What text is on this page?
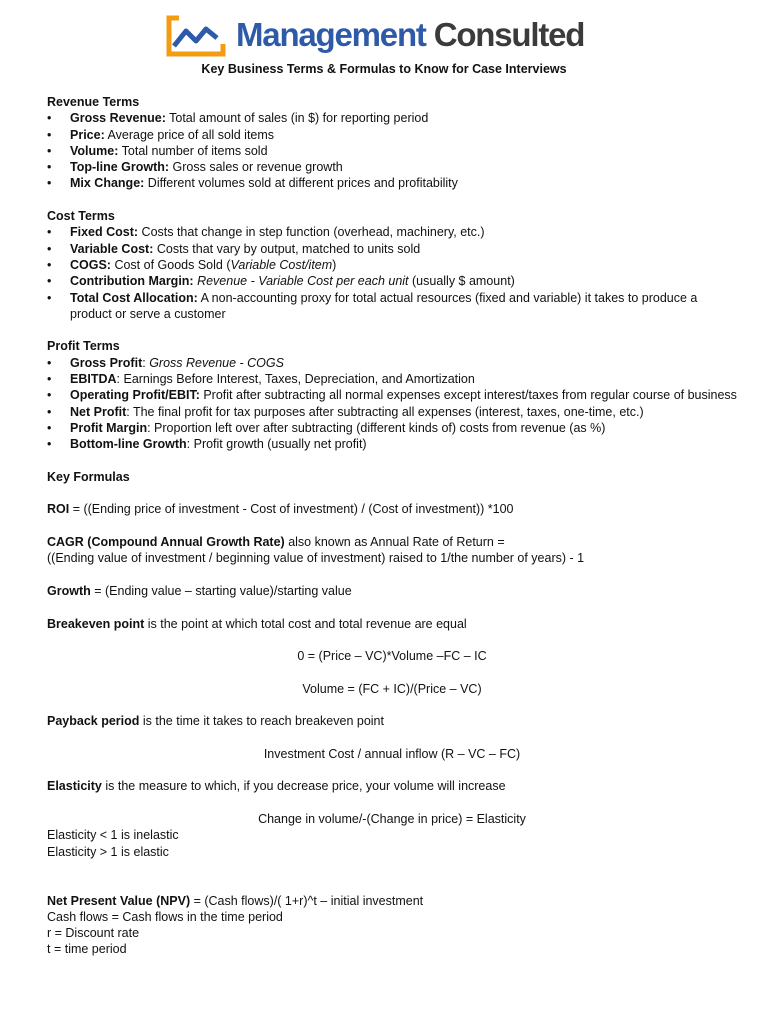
Management Consulted
Key Business Terms & Formulas to Know for Case Interviews
Revenue Terms
• Gross Revenue: Total amount of sales (in $) for reporting period
• Price: Average price of all sold items
• Volume: Total number of items sold
• Top-line Growth: Gross sales or revenue growth
• Mix Change: Different volumes sold at different prices and profitability
Cost Terms
• Fixed Cost: Costs that change in step function (overhead, machinery, etc.)
• Variable Cost: Costs that vary by output, matched to units sold
• COGS: Cost of Goods Sold (Variable Cost/item)
• Contribution Margin: Revenue - Variable Cost per each unit (usually $ amount)
• Total Cost Allocation: A non-accounting proxy for total actual resources (fixed and variable) it takes to produce a product or serve a customer
Profit Terms
• Gross Profit: Gross Revenue - COGS
• EBITDA: Earnings Before Interest, Taxes, Depreciation, and Amortization
• Operating Profit/EBIT: Profit after subtracting all normal expenses except interest/taxes from regular course of business
• Net Profit: The final profit for tax purposes after subtracting all expenses (interest, taxes, one-time, etc.)
• Profit Margin: Proportion left over after subtracting (different kinds of) costs from revenue (as %)
• Bottom-line Growth: Profit growth (usually net profit)
Key Formulas
ROI = ((Ending price of investment - Cost of investment) / (Cost of investment)) *100
CAGR (Compound Annual Growth Rate) also known as Annual Rate of Return =
((Ending value of investment / beginning value of investment) raised to 1/the number of years) - 1
Growth = (Ending value – starting value)/starting value
Breakeven point is the point at which total cost and total revenue are equal
0 = (Price – VC)*Volume –FC – IC
Volume = (FC + IC)/(Price – VC)
Payback period is the time it takes to reach breakeven point
Investment Cost / annual inflow (R – VC – FC)
Elasticity is the measure to which, if you decrease price, your volume will increase
Change in volume/-(Change in price) = Elasticity
Elasticity < 1 is inelastic
Elasticity > 1 is elastic
Net Present Value (NPV) = (Cash flows)/( 1+r)^t – initial investment
Cash flows = Cash flows in the time period
r = Discount rate
t = time period
